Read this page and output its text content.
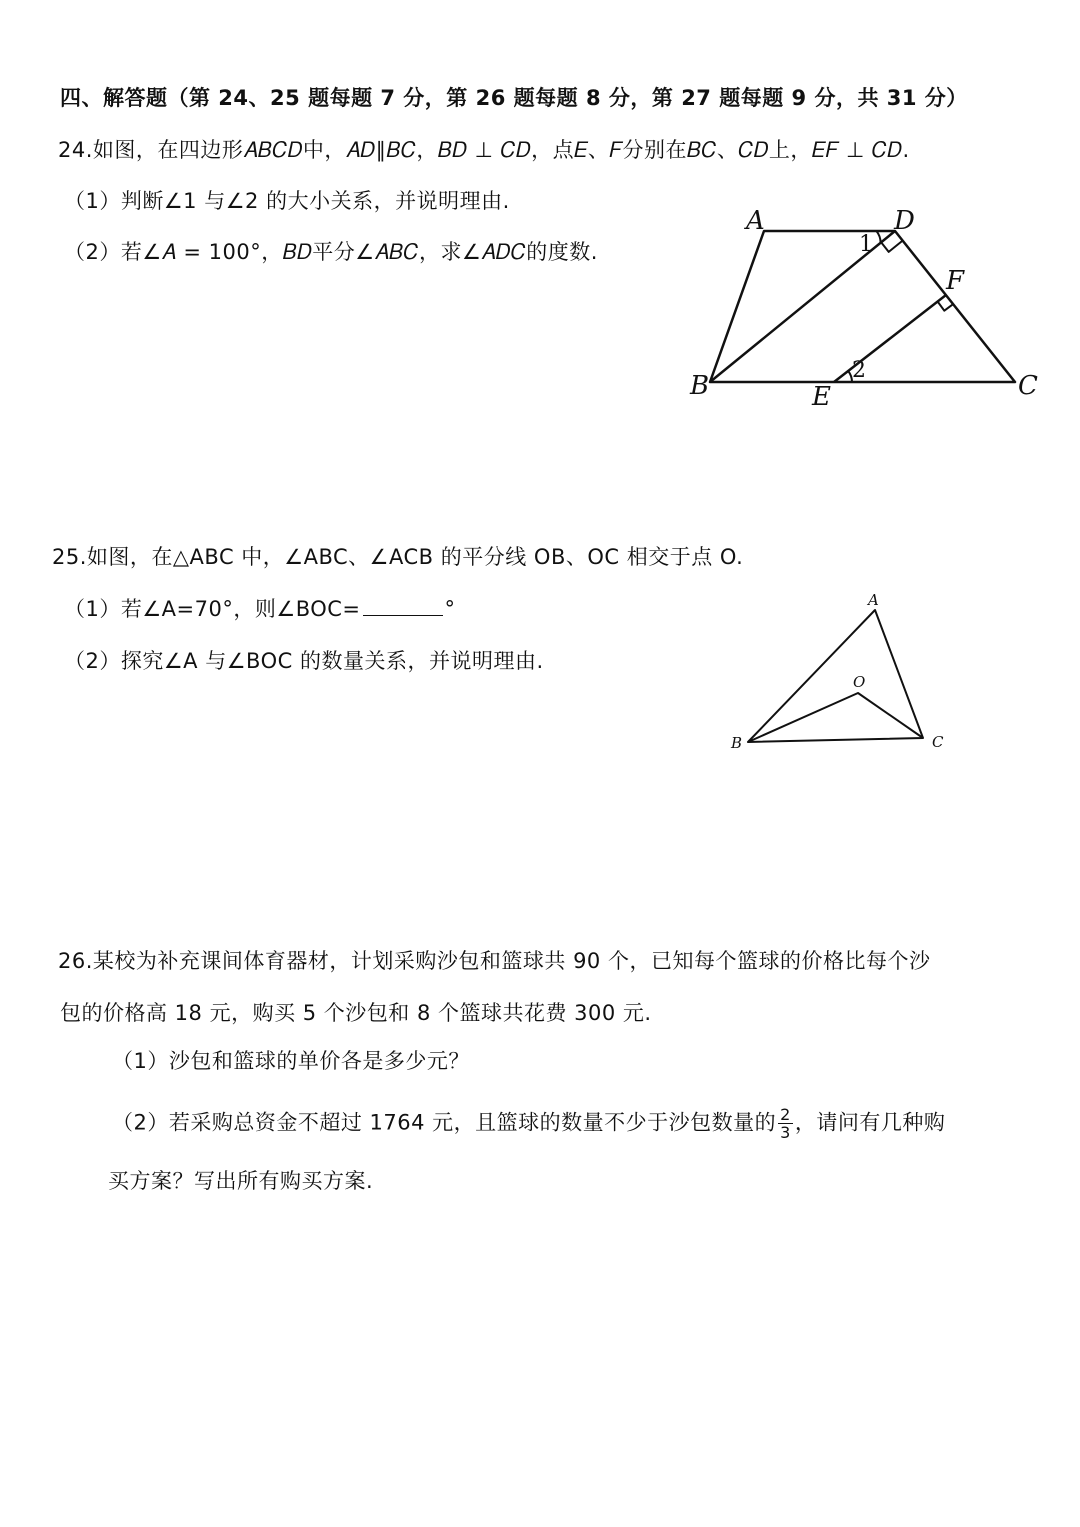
四、解答题（第 24、25 题每题 7 分，第 26 题每题 8 分，第 27 题每题 9 分，共 31 分）
24.如图，在四边形𝐴𝐵𝐶𝐷中，𝐴𝐷∥𝐵𝐶，𝐵𝐷 ⊥ 𝐶𝐷，点𝐸、𝐹分别在𝐵𝐶、𝐶𝐷上，𝐸𝐹 ⊥ 𝐶𝐷.
（1）判断∠1 与∠2 的大小关系，并说明理由.
（2）若∠𝐴 = 100°，𝐵𝐷平分∠𝐴𝐵𝐶，求∠𝐴𝐷𝐶的度数.
A	D
F
B	E	C
1
2
25.如图，在△ABC 中，∠ABC、∠ACB 的平分线 OB、OC 相交于点 O.
（1）若∠A=70°，则∠BOC=	°
（2）探究∠A 与∠BOC 的数量关系，并说明理由.
A
O
B	C
26.某校为补充课间体育器材，计划采购沙包和篮球共 90 个，已知每个篮球的价格比每个沙
包的价格高 18 元，购买 5 个沙包和 8 个篮球共花费 300 元.
（1）沙包和篮球的单价各是多少元？
（2）若采购总资金不超过 1764 元，且篮球的数量不少于沙包数量的 $\frac{2}{3}$ ，请问有几种购
买方案？写出所有购买方案.
